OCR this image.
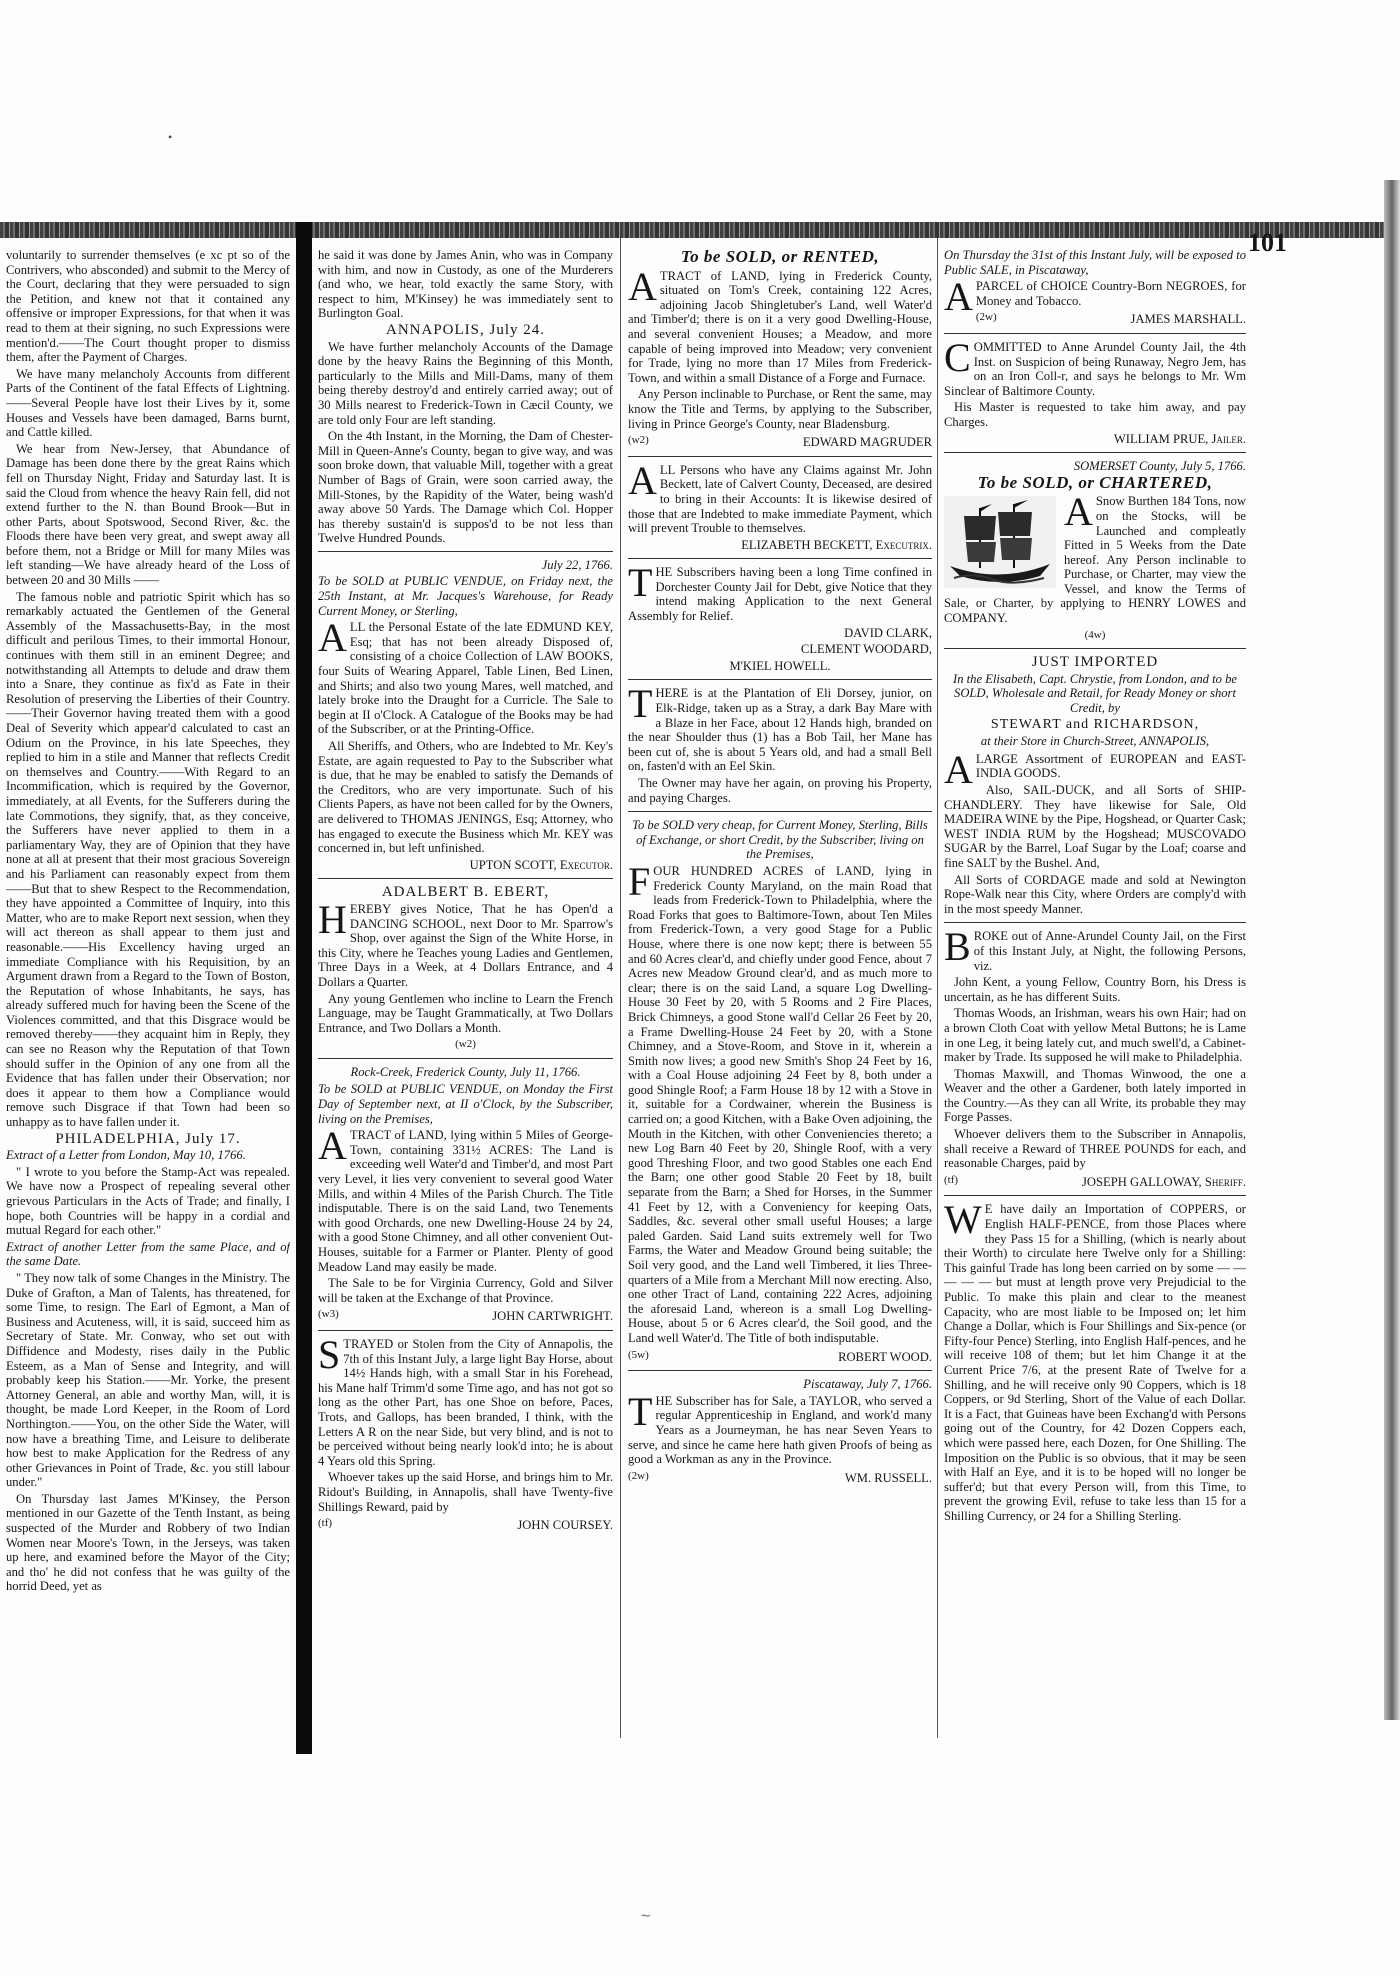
•
101

voluntarily to surrender themselves (e xc pt so of the Contrivers, who absconded) and submit to the Mercy of the Court, declaring that they were persuaded to sign the Petition, and knew not that it contained any offensive or improper Expressions, for that when it was read to them at their signing, no such Expressions were mention'd.——The Court thought proper to dismiss them, after the Payment of Charges.

We have many melancholy Accounts from different Parts of the Continent of the fatal Effects of Lightning.——Several People have lost their Lives by it, some Houses and Vessels have been damaged, Barns burnt, and Cattle killed.

We hear from New-Jersey, that Abundance of Damage has been done there by the great Rains which fell on Thursday Night, Friday and Saturday last. It is said the Cloud from whence the heavy Rain fell, did not extend further to the N. than Bound Brook—But in other Parts, about Spotswood, Second River, &c. the Floods there have been very great, and swept away all before them, not a Bridge or Mill for many Miles was left standing—We have already heard of the Loss of between 20 and 30 Mills ——

The famous noble and patriotic Spirit which has so remarkably actuated the Gentlemen of the General Assembly of the Massachusetts-Bay, in the most difficult and perilous Times, to their immortal Honour, continues with them still in an eminent Degree; and notwithstanding all Attempts to delude and draw them into a Snare, they continue as fix'd as Fate in their Resolution of preserving the Liberties of their Country.——Their Governor having treated them with a good Deal of Severity which appear'd calculated to cast an Odium on the Province, in his late Speeches, they replied to him in a stile and Manner that reflects Credit on themselves and Country.——With Regard to an Incommification, which is required by the Governor, immediately, at all Events, for the Sufferers during the late Commotions, they signify, that, as they conceive, the Sufferers have never applied to them in a parliamentary Way, they are of Opinion that they have none at all at present that their most gracious Sovereign and his Parliament can reasonably expect from them ——But that to shew Respect to the Recommendation, they have appointed a Committee of Inquiry, into this Matter, who are to make Report next session, when they will act thereon as shall appear to them just and reasonable.——His Excellency having urged an immediate Compliance with his Requisition, by an Argument drawn from a Regard to the Town of Boston, the Reputation of whose Inhabitants, he says, has already suffered much for having been the Scene of the Violences committed, and that this Disgrace would be removed thereby——they acquaint him in Reply, they can see no Reason why the Reputation of that Town should suffer in the Opinion of any one from all the Evidence that has fallen under their Observation; nor does it appear to them how a Compliance would remove such Disgrace if that Town had been so unhappy as to have fallen under it.

PHILADELPHIA, July 17.

Extract of a Letter from London, May 10, 1766.

" I wrote to you before the Stamp-Act was repealed. We have now a Prospect of repealing several other grievous Particulars in the Acts of Trade; and finally, I hope, both Countries will be happy in a cordial and mutual Regard for each other."

Extract of another Letter from the same Place, and of the same Date.

" They now talk of some Changes in the Ministry. The Duke of Grafton, a Man of Talents, has threatened, for some Time, to resign. The Earl of Egmont, a Man of Business and Acuteness, will, it is said, succeed him as Secretary of State. Mr. Conway, who set out with Diffidence and Modesty, rises daily in the Public Esteem, as a Man of Sense and Integrity, and will probably keep his Station.——Mr. Yorke, the present Attorney General, an able and worthy Man, will, it is thought, be made Lord Keeper, in the Room of Lord Northington.——You, on the other Side the Water, will now have a breathing Time, and Leisure to deliberate how best to make Application for the Redress of any other Grievances in Point of Trade, &c. you still labour under."

On Thursday last James M'Kinsey, the Person mentioned in our Gazette of the Tenth Instant, as being suspected of the Murder and Robbery of two Indian Women near Moore's Town, in the Jerseys, was taken up here, and examined before the Mayor of the City; and tho' he did not confess that he was guilty of the horrid Deed, yet as

he said it was done by James Anin, who was in Company with him, and now in Custody, as one of the Murderers (and who, we hear, told exactly the same Story, with respect to him, M'Kinsey) he was immediately sent to Burlington Goal.

ANNAPOLIS, July 24.

We have further melancholy Accounts of the Damage done by the heavy Rains the Beginning of this Month, particularly to the Mills and Mill-Dams, many of them being thereby destroy'd and entirely carried away; out of 30 Mills nearest to Frederick-Town in Cæcil County, we are told only Four are left standing.

On the 4th Instant, in the Morning, the Dam of Chester-Mill in Queen-Anne's County, began to give way, and was soon broke down, that valuable Mill, together with a great Number of Bags of Grain, were soon carried away, the Mill-Stones, by the Rapidity of the Water, being wash'd away above 50 Yards. The Damage which Col. Hopper has thereby sustain'd is suppos'd to be not less than Twelve Hundred Pounds.

July 22, 1766.

To be SOLD at PUBLIC VENDUE, on Friday next, the 25th Instant, at Mr. Jacques's Warehouse, for Ready Current Money, or Sterling,

A LL the Personal Estate of the late EDMUND KEY, Esq; that has not been already Disposed of, consisting of a choice Collection of LAW BOOKS, four Suits of Wearing Apparel, Table Linen, Bed Linen, and Shirts; and also two young Mares, well matched, and lately broke into the Draught for a Curricle. The Sale to begin at II o'Clock. A Catalogue of the Books may be had of the Subscriber, or at the Printing-Office.

All Sheriffs, and Others, who are Indebted to Mr. Key's Estate, are again requested to Pay to the Subscriber what is due, that he may be enabled to satisfy the Demands of the Creditors, who are very importunate. Such of his Clients Papers, as have not been called for by the Owners, are delivered to THOMAS JENINGS, Esq; Attorney, who has engaged to execute the Business which Mr. KEY was concerned in, but left unfinished.

UPTON SCOTT, Executor.
ADALBERT B. EBERT,
H EREBY gives Notice, That he has Open'd a DANCING SCHOOL, next Door to Mr. Sparrow's Shop, over against the Sign of the White Horse, in this City, where he Teaches young Ladies and Gentlemen, Three Days in a Week, at 4 Dollars Entrance, and 4 Dollars a Quarter.

Any young Gentlemen who incline to Learn the French Language, may be Taught Grammatically, at Two Dollars Entrance, and Two Dollars a Month.

(w2)
Rock-Creek, Frederick County, July 11, 1766.

To be SOLD at PUBLIC VENDUE, on Monday the First Day of September next, at II o'Clock, by the Subscriber, living on the Premises,

A TRACT of LAND, lying within 5 Miles of George-Town, containing 331½ ACRES: The Land is exceeding well Water'd and Timber'd, and most Part very Level, it lies very convenient to several good Water Mills, and within 4 Miles of the Parish Church. The Title indisputable. There is on the said Land, two Tenements with good Orchards, one new Dwelling-House 24 by 24, with a good Stone Chimney, and all other convenient Out-Houses, suitable for a Farmer or Planter. Plenty of good Meadow Land may easily be made.

The Sale to be for Virginia Currency, Gold and Silver will be taken at the Exchange of that Province.

(w3)	JOHN CARTWRIGHT.
S TRAYED or Stolen from the City of Annapolis, the 7th of this Instant July, a large light Bay Horse, about 14½ Hands high, with a small Star in his Forehead, his Mane half Trimm'd some Time ago, and has not got so long as the other Part, has one Shoe on before, Paces, Trots, and Gallops, has been branded, I think, with the Letters A R on the near Side, but very blind, and is not to be perceived without being nearly look'd into; he is about 4 Years old this Spring.

Whoever takes up the said Horse, and brings him to Mr. Ridout's Building, in Annapolis, shall have Twenty-five Shillings Reward, paid by

(tf)	JOHN COURSEY.
To be SOLD, or RENTED,
A TRACT of LAND, lying in Frederick County, situated on Tom's Creek, containing 122 Acres, adjoining Jacob Shingletuber's Land, well Water'd and Timber'd; there is on it a very good Dwelling-House, and several convenient Houses; a Meadow, and more capable of being improved into Meadow; very convenient for Trade, lying no more than 17 Miles from Frederick-Town, and within a small Distance of a Forge and Furnace.

Any Person inclinable to Purchase, or Rent the same, may know the Title and Terms, by applying to the Subscriber, living in Prince George's County, near Bladensburg.

(w2)	EDWARD MAGRUDER
A LL Persons who have any Claims against Mr. John Beckett, late of Calvert County, Deceased, are desired to bring in their Accounts: It is likewise desired of those that are Indebted to make immediate Payment, which will prevent Trouble to themselves.

ELIZABETH BECKETT, Executrix.
T HE Subscribers having been a long Time confined in Dorchester County Jail for Debt, give Notice that they intend making Application to the next General Assembly for Relief.

DAVID CLARK,
CLEMENT WOODARD,
M'KIEL HOWELL.
T HERE is at the Plantation of Eli Dorsey, junior, on Elk-Ridge, taken up as a Stray, a dark Bay Mare with a Blaze in her Face, about 12 Hands high, branded on the near Shoulder thus (1) has a Bob Tail, her Mane has been cut of, she is about 5 Years old, and had a small Bell on, fasten'd with an Eel Skin.

The Owner may have her again, on proving his Property, and paying Charges.

To be SOLD very cheap, for Current Money, Sterling, Bills of Exchange, or short Credit, by the Subscriber, living on the Premises,

F OUR HUNDRED ACRES of LAND, lying in Frederick County Maryland, on the main Road that leads from Frederick-Town to Philadelphia, where the Road Forks that goes to Baltimore-Town, about Ten Miles from Frederick-Town, a very good Stage for a Public House, where there is one now kept; there is between 55 and 60 Acres clear'd, and chiefly under good Fence, about 7 Acres new Meadow Ground clear'd, and as much more to clear; there is on the said Land, a square Log Dwelling-House 30 Feet by 20, with 5 Rooms and 2 Fire Places, Brick Chimneys, a good Stone wall'd Cellar 26 Feet by 20, a Frame Dwelling-House 24 Feet by 20, with a Stone Chimney, and a Stove-Room, and Stove in it, wherein a Smith now lives; a good new Smith's Shop 24 Feet by 16, with a Coal House adjoining 24 Feet by 8, both under a good Shingle Roof; a Farm House 18 by 12 with a Stove in it, suitable for a Cordwainer, wherein the Business is carried on; a good Kitchen, with a Bake Oven adjoining, the Mouth in the Kitchen, with other Conveniencies thereto; a new Log Barn 40 Feet by 20, Shingle Roof, with a very good Threshing Floor, and two good Stables one each End the Barn; one other good Stable 20 Feet by 18, built separate from the Barn; a Shed for Horses, in the Summer 41 Feet by 12, with a Conveniency for keeping Oats, Saddles, &c. several other small useful Houses; a large paled Garden. Said Land suits extremely well for Two Farms, the Water and Meadow Ground being suitable; the Soil very good, and the Land well Timbered, it lies Three-quarters of a Mile from a Merchant Mill now erecting. Also, one other Tract of Land, containing 222 Acres, adjoining the aforesaid Land, whereon is a small Log Dwelling-House, about 5 or 6 Acres clear'd, the Soil good, and the Land well Water'd. The Title of both indisputable.

(5w)	ROBERT WOOD.
Piscataway, July 7, 1766.
T HE Subscriber has for Sale, a TAYLOR, who served a regular Apprenticeship in England, and work'd many Years as a Journeyman, he has near Seven Years to serve, and since he came here hath given Proofs of being as good a Workman as any in the Province.

(2w)	WM. RUSSELL.

On Thursday the 31st of this Instant July, will be exposed to Public SALE, in Piscataway,

A PARCEL of CHOICE Country-Born NEGROES, for Money and Tobacco.

(2w)	JAMES MARSHALL.
C OMMITTED to Anne Arundel County Jail, the 4th Inst. on Suspicion of being Runaway, Negro Jem, has on an Iron Coll-r, and says he belongs to Mr. Wm Sinclear of Baltimore County.

His Master is requested to take him away, and pay Charges.

WILLIAM PRUE, Jailer.
SOMERSET County, July 5, 1766.
To be SOLD, or CHARTERED,
A Snow Burthen 184 Tons, now on the Stocks, will be Launched and compleatly Fitted in 5 Weeks from the Date hereof. Any Person inclinable to Purchase, or Charter, may view the Vessel, and know the Terms of Sale, or Charter, by applying to HENRY LOWES and COMPANY.

(4w)
JUST IMPORTED

In the Elisabeth, Capt. Chrystie, from London, and to be SOLD, Wholesale and Retail, for Ready Money or short Credit, by

STEWART and RICHARDSON,
at their Store in Church-Street, ANNAPOLIS,
A LARGE Assortment of EUROPEAN and EAST-INDIA GOODS.

Also, SAIL-DUCK, and all Sorts of SHIP-CHANDLERY. They have likewise for Sale, Old MADEIRA WINE by the Pipe, Hogshead, or Quarter Cask; WEST INDIA RUM by the Hogshead; MUSCOVADO SUGAR by the Barrel, Loaf Sugar by the Loaf; coarse and fine SALT by the Bushel. And,

All Sorts of CORDAGE made and sold at Newington Rope-Walk near this City, where Orders are comply'd with in the most speedy Manner.

B ROKE out of Anne-Arundel County Jail, on the First of this Instant July, at Night, the following Persons, viz.

John Kent, a young Fellow, Country Born, his Dress is uncertain, as he has different Suits.

Thomas Woods, an Irishman, wears his own Hair; had on a brown Cloth Coat with yellow Metal Buttons; he is Lame in one Leg, it being lately cut, and much swell'd, a Cabinet-maker by Trade. Its supposed he will make to Philadelphia.

Thomas Maxwill, and Thomas Winwood, the one a Weaver and the other a Gardener, both lately imported in the Country.—As they can all Write, its probable they may Forge Passes.

Whoever delivers them to the Subscriber in Annapolis, shall receive a Reward of THREE POUNDS for each, and reasonable Charges, paid by

(tf)	JOSEPH GALLOWAY, Sheriff.
W E have daily an Importation of COPPERS, or English HALF-PENCE, from those Places where they Pass 15 for a Shilling, (which is nearly about their Worth) to circulate here Twelve only for a Shilling: This gainful Trade has long been carried on by some — — — — — but must at length prove very Prejudicial to the Public. To make this plain and clear to the meanest Capacity, who are most liable to be Imposed on; let him Change a Dollar, which is Four Shillings and Six-pence (or Fifty-four Pence) Sterling, into English Half-pences, and he will receive 108 of them; but let him Change it at the Current Price 7/6, at the present Rate of Twelve for a Shilling, and he will receive only 90 Coppers, which is 18 Coppers, or 9d Sterling, Short of the Value of each Dollar. It is a Fact, that Guineas have been Exchang'd with Persons going out of the Country, for 42 Dozen Coppers each, which were passed here, each Dozen, for One Shilling. The Imposition on the Public is so obvious, that it may be seen with Half an Eye, and it is to be hoped will no longer be suffer'd; but that every Person will, from this Time, to prevent the growing Evil, refuse to take less than 15 for a Shilling Currency, or 24 for a Shilling Sterling.

∼
